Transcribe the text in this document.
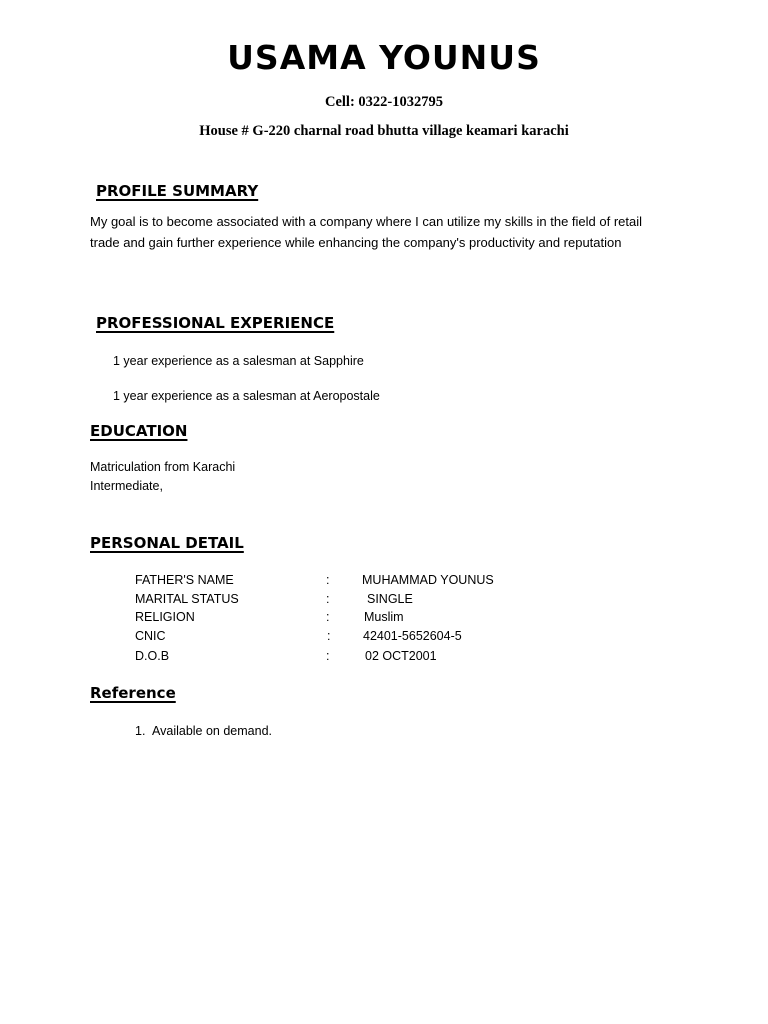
USAMA YOUNUS
Cell: 0322-1032795
House # G-220 charnal road bhutta village keamari karachi
PROFILE SUMMARY
My goal is to become associated with a company where I can utilize my skills in the field of retail trade and gain further experience while enhancing the company's productivity and reputation
PROFESSIONAL EXPERIENCE
1 year experience as a salesman at Sapphire
1 year experience as a salesman at Aeropostale
EDUCATION
Matriculation from Karachi
Intermediate,
PERSONAL DETAIL
FATHER'S NAME	:	MUHAMMAD YOUNUS
MARITAL STATUS	:	SINGLE
RELIGION	:	Muslim
CNIC	:	42401-5652604-5
D.O.B	:	02 OCT2001
Reference
1. Available on demand.
